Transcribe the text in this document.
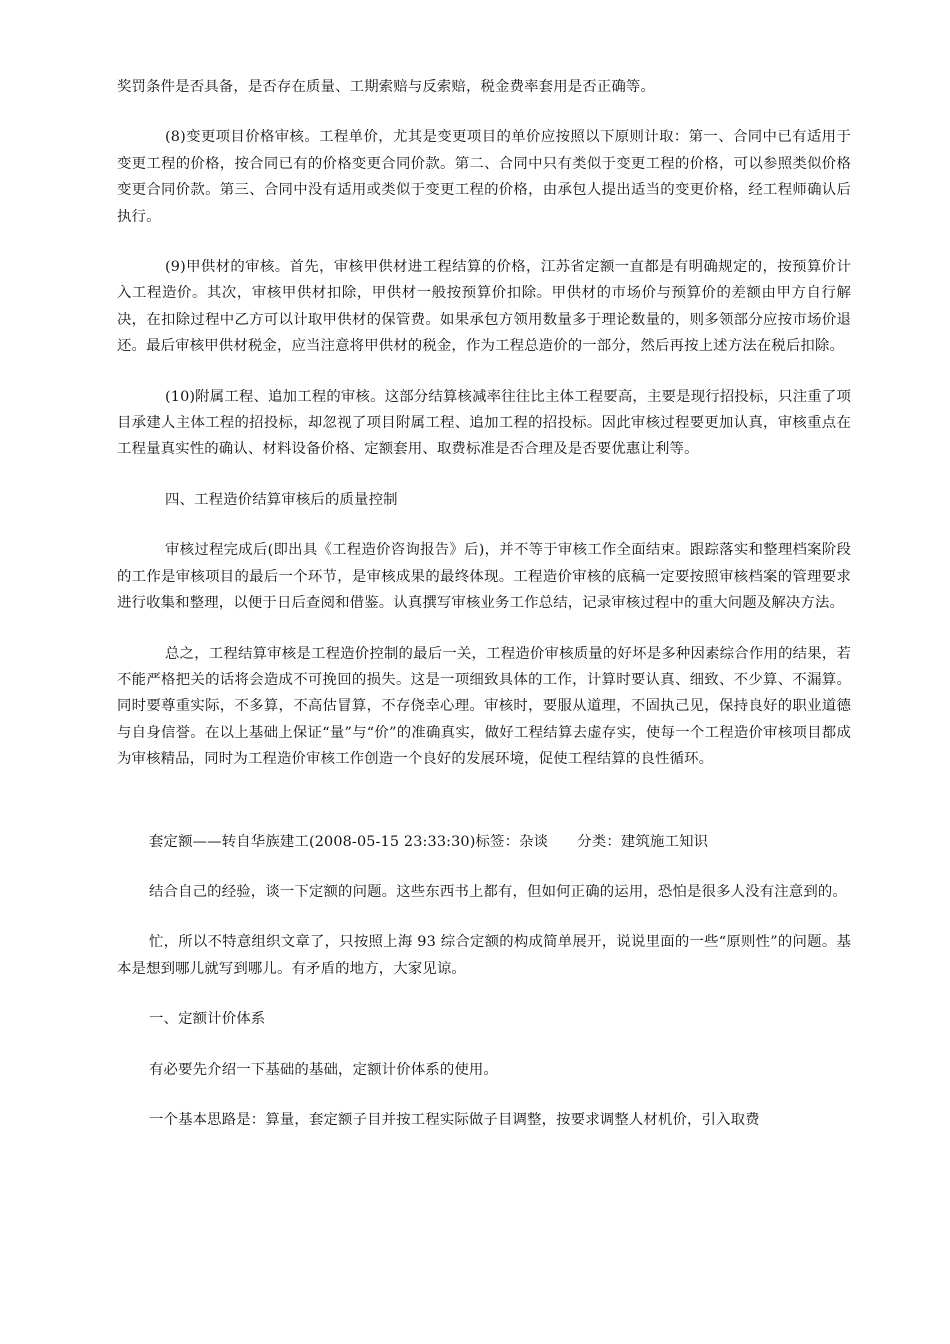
奖罚条件是否具备，是否存在质量、工期索赔与反索赔，税金费率套用是否正确等。

(8)变更项目价格审核。工程单价，尤其是变更项目的单价应按照以下原则计取：第一、合同中已有适用于变更工程的价格，按合同已有的价格变更合同价款。第二、合同中只有类似于变更工程的价格，可以参照类似价格变更合同价款。第三、合同中没有适用或类似于变更工程的价格，由承包人提出适当的变更价格，经工程师确认后执行。

(9)甲供材的审核。首先，审核甲供材进工程结算的价格，江苏省定额一直都是有明确规定的，按预算价计入工程造价。其次，审核甲供材扣除，甲供材一般按预算价扣除。甲供材的市场价与预算价的差额由甲方自行解决，在扣除过程中乙方可以计取甲供材的保管费。如果承包方领用数量多于理论数量的，则多领部分应按市场价退还。最后审核甲供材税金，应当注意将甲供材的税金，作为工程总造价的一部分，然后再按上述方法在税后扣除。

(10)附属工程、追加工程的审核。这部分结算核减率往往比主体工程要高，主要是现行招投标，只注重了项目承建人主体工程的招投标，却忽视了项目附属工程、追加工程的招投标。因此审核过程要更加认真，审核重点在工程量真实性的确认、材料设备价格、定额套用、取费标准是否合理及是否要优惠让利等。

四、工程造价结算审核后的质量控制

审核过程完成后(即出具《工程造价咨询报告》后)，并不等于审核工作全面结束。跟踪落实和整理档案阶段的工作是审核项目的最后一个环节，是审核成果的最终体现。工程造价审核的底稿一定要按照审核档案的管理要求进行收集和整理，以便于日后查阅和借鉴。认真撰写审核业务工作总结，记录审核过程中的重大问题及解决方法。

总之，工程结算审核是工程造价控制的最后一关，工程造价审核质量的好坏是多种因素综合作用的结果，若不能严格把关的话将会造成不可挽回的损失。这是一项细致具体的工作，计算时要认真、细致、不少算、不漏算。同时要尊重实际，不多算，不高估冒算，不存侥幸心理。审核时，要服从道理，不固执己见，保持良好的职业道德与自身信誉。在以上基础上保证“量”与“价”的准确真实，做好工程结算去虚存实，使每一个工程造价审核项目都成为审核精品，同时为工程造价审核工作创造一个良好的发展环境，促使工程结算的良性循环。

套定额——转自华族建工(2008-05-15 23:33:30)标签：杂谈　　分类：建筑施工知识

结合自己的经验，谈一下定额的问题。这些东西书上都有，但如何正确的运用，恐怕是很多人没有注意到的。

忙，所以不特意组织文章了，只按照上海 93 综合定额的构成简单展开，说说里面的一些“原则性”的问题。基本是想到哪儿就写到哪儿。有矛盾的地方，大家见谅。

一、定额计价体系

有必要先介绍一下基础的基础，定额计价体系的使用。

一个基本思路是：算量，套定额子目并按工程实际做子目调整，按要求调整人材机价，引入取费
